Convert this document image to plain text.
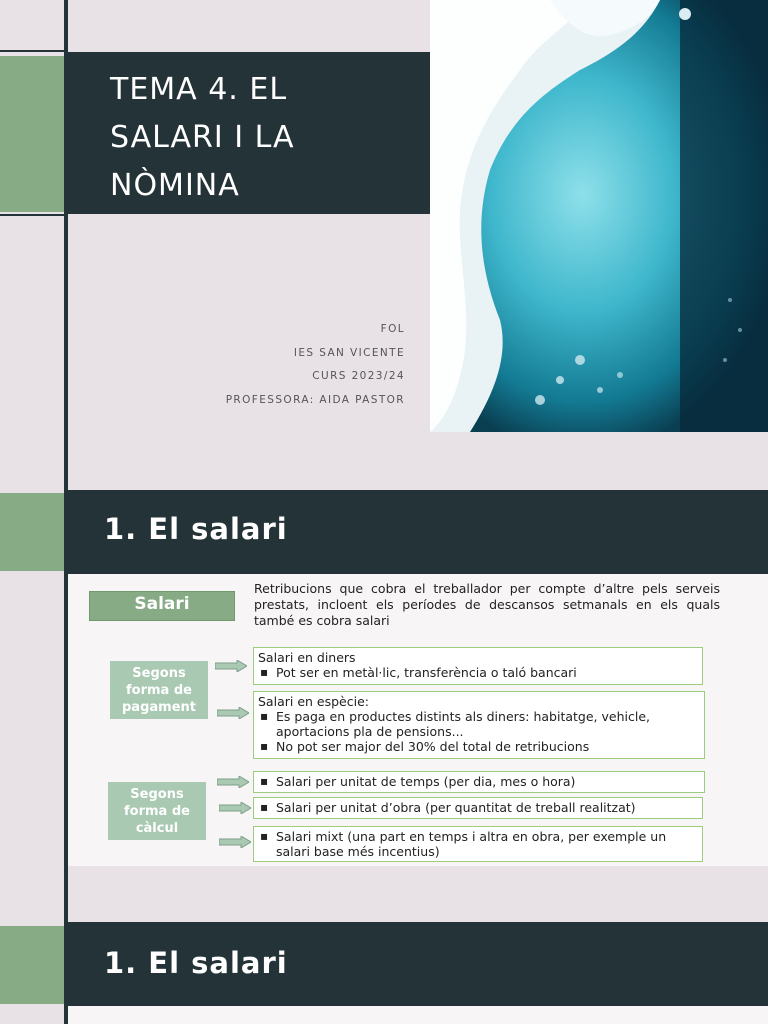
TEMA 4. EL SALARI I LA NÒMINA
FOL
IES SAN VICENTE
CURS 2023/24
PROFESSORA: AIDA PASTOR
1. El salari
Salari
Retribucions que cobra el treballador per compte d’altre pels serveis prestats, incloent els períodes de descansos setmanals en els quals també es cobra salari
Segons forma de pagament
Segons forma de càlcul
Salari en diners
▪ Pot ser en metàl·lic, transferència o taló bancari
Salari en espècie:
▪ Es paga en productes distints als diners: habitatge, vehicle, aportacions pla de pensions...
▪ No pot ser major del 30% del total de retribucions
▪ Salari per unitat de temps (per dia, mes o hora)
▪ Salari per unitat d’obra (per quantitat de treball realitzat)
▪ Salari mixt (una part en temps i altra en obra, per exemple un salari base més incentius)
1. El salari
